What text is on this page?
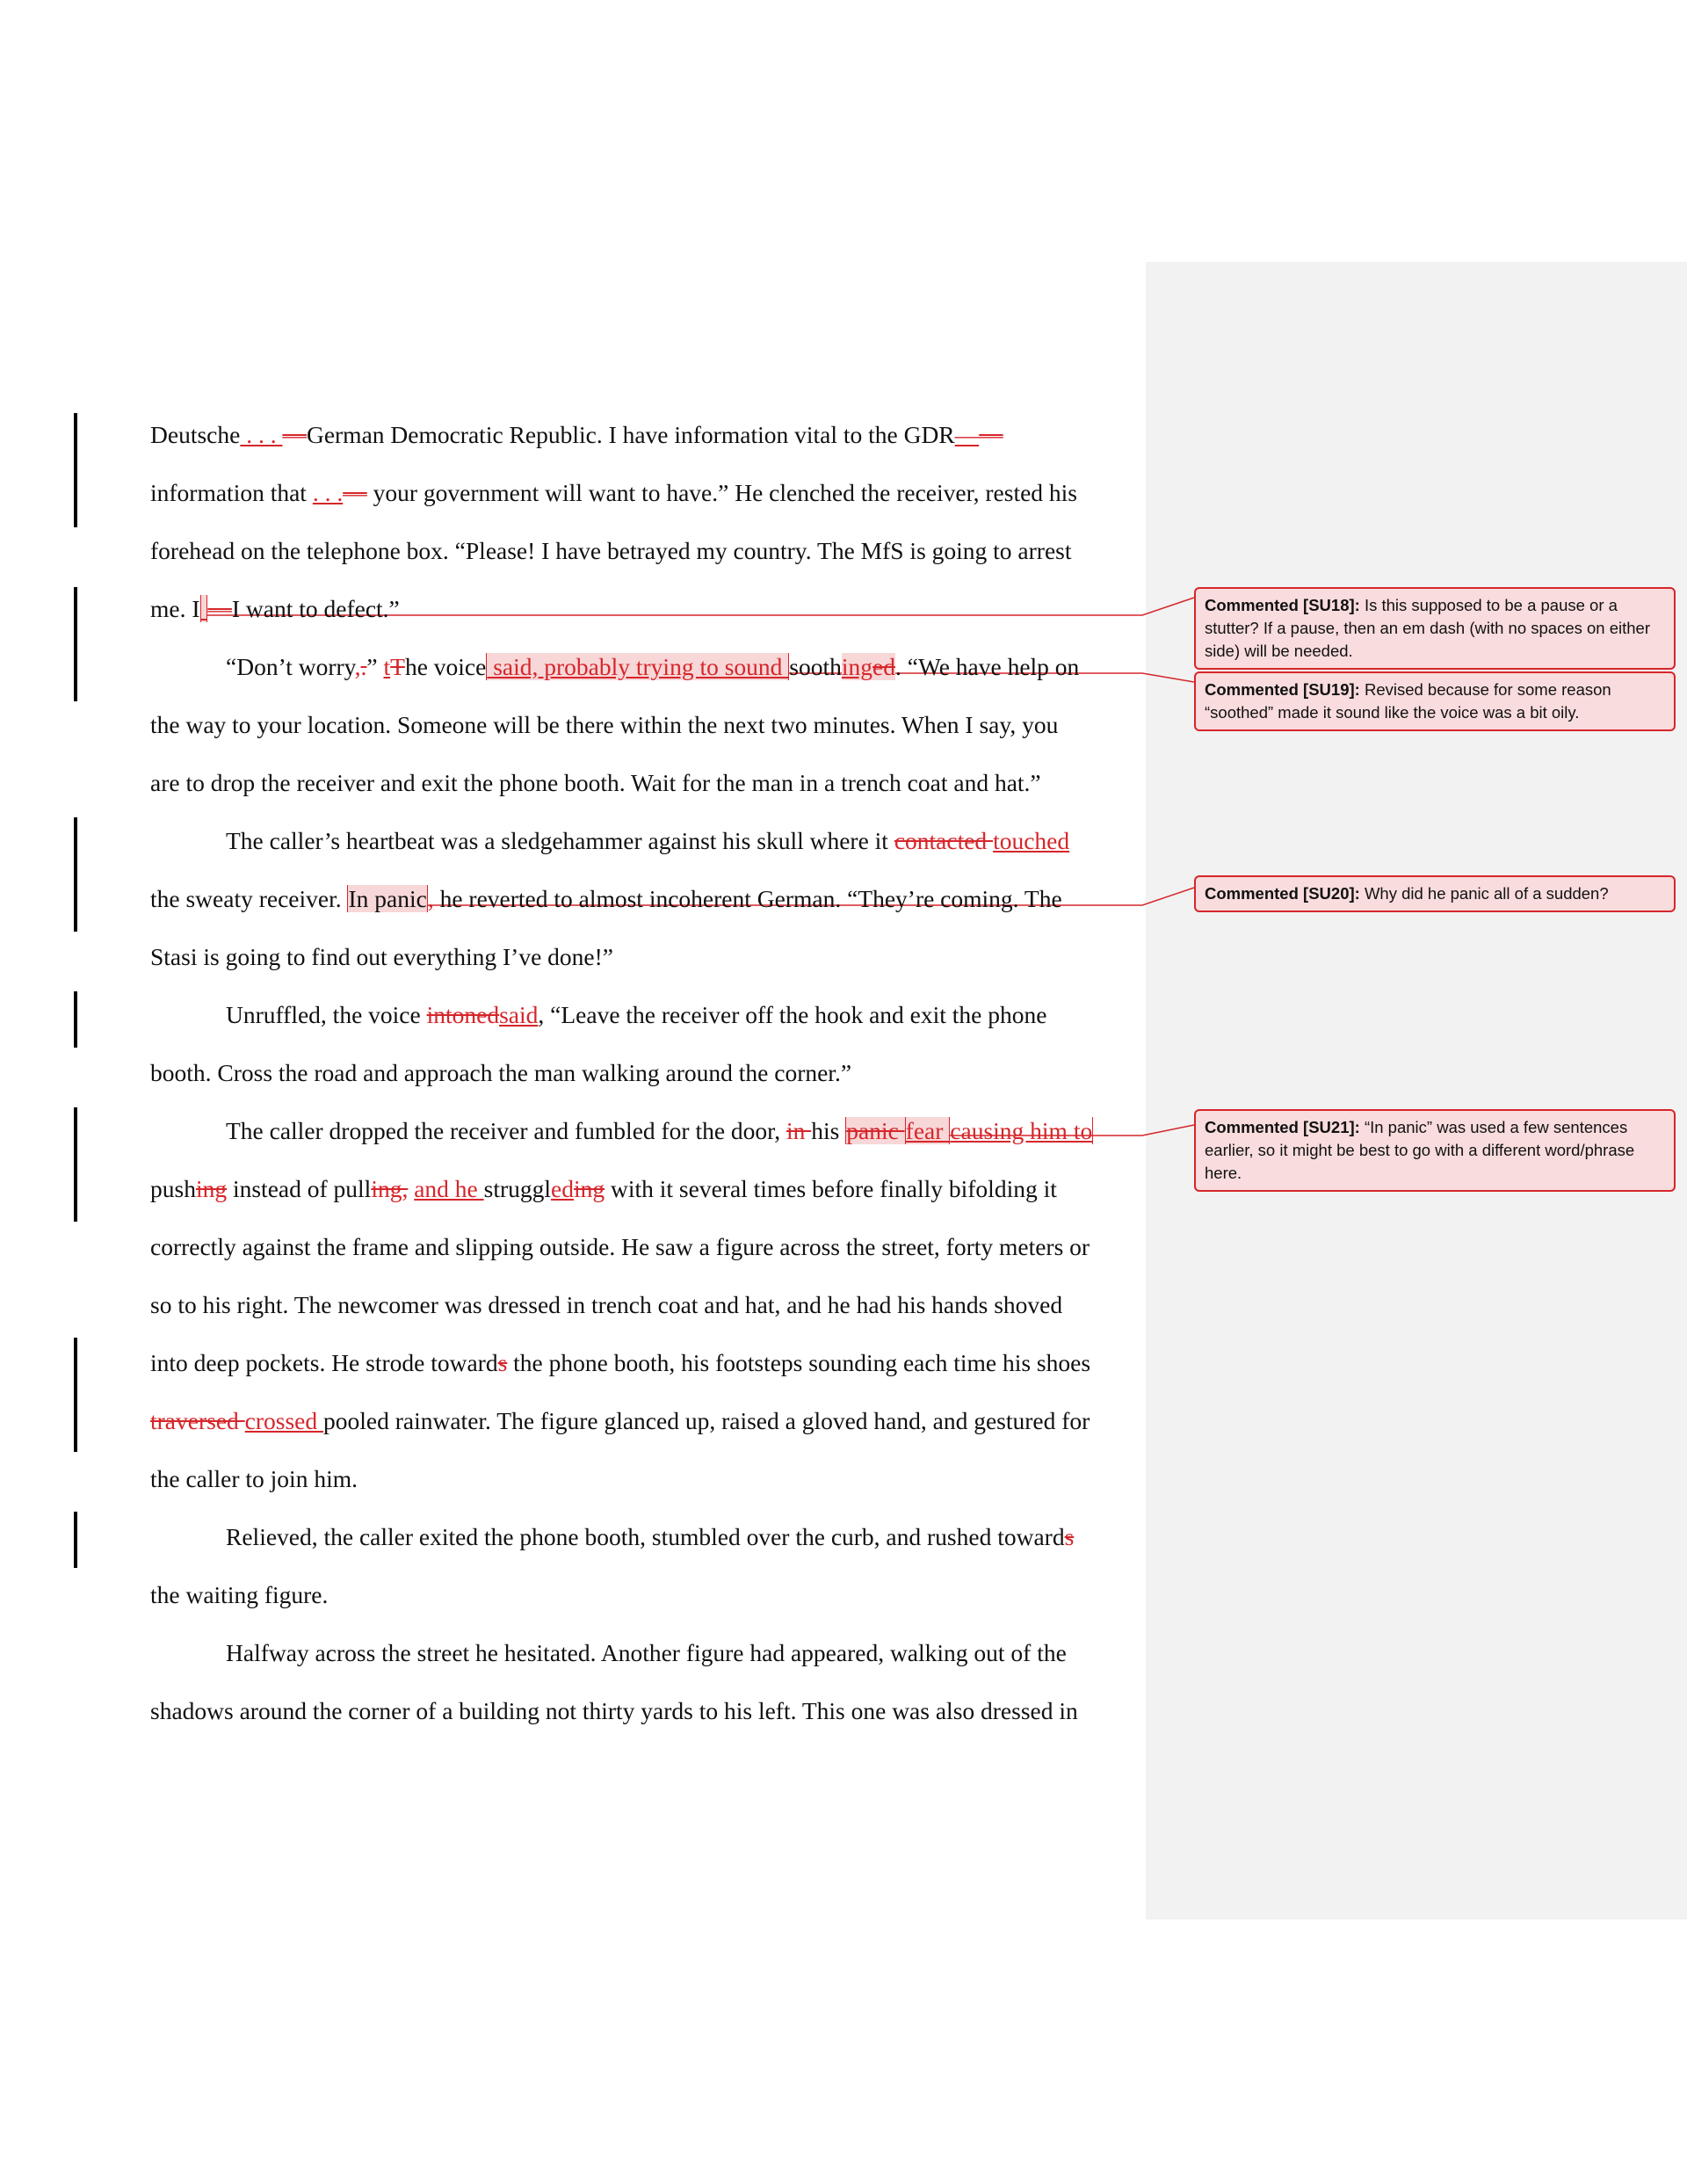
Deutsche . . . —German Democratic Republic. I have information vital to the GDR——
information that . . .— your government will want to have.” He clenched the receiver, rested his
forehead on the telephone box. “Please! I have betrayed my country. The MfS is going to arrest
me. I —I want to defect.”
“Don’t worry,.” tThe voice said, probably trying to sound soothinged. “We have help on
the way to your location. Someone will be there within the next two minutes. When I say, you
are to drop the receiver and exit the phone booth. Wait for the man in a trench coat and hat.”
The caller’s heartbeat was a sledgehammer against his skull where it contacted touched
the sweaty receiver. In panic, he reverted to almost incoherent German. “They’re coming. The
Stasi is going to find out everything I’ve done!”
Unruffled, the voice intonedsaid, “Leave the receiver off the hook and exit the phone
booth. Cross the road and approach the man walking around the corner.”
The caller dropped the receiver and fumbled for the door, in his panic fear causing him to
pushing instead of pulling, and he struggleding with it several times before finally bifolding it
correctly against the frame and slipping outside. He saw a figure across the street, forty meters or
so to his right. The newcomer was dressed in trench coat and hat, and he had his hands shoved
into deep pockets. He strode towards the phone booth, his footsteps sounding each time his shoes
traversed crossed pooled rainwater. The figure glanced up, raised a gloved hand, and gestured for
the caller to join him.
Relieved, the caller exited the phone booth, stumbled over the curb, and rushed towards
the waiting figure.
Halfway across the street he hesitated. Another figure had appeared, walking out of the
shadows around the corner of a building not thirty yards to his left. This one was also dressed in
Commented [SU18]: Is this supposed to be a pause or a stutter? If a pause, then an em dash (with no spaces on either side) will be needed.
Commented [SU19]: Revised because for some reason “soothed” made it sound like the voice was a bit oily.
Commented [SU20]: Why did he panic all of a sudden?
Commented [SU21]: “In panic” was used a few sentences earlier, so it might be best to go with a different word/phrase here.
